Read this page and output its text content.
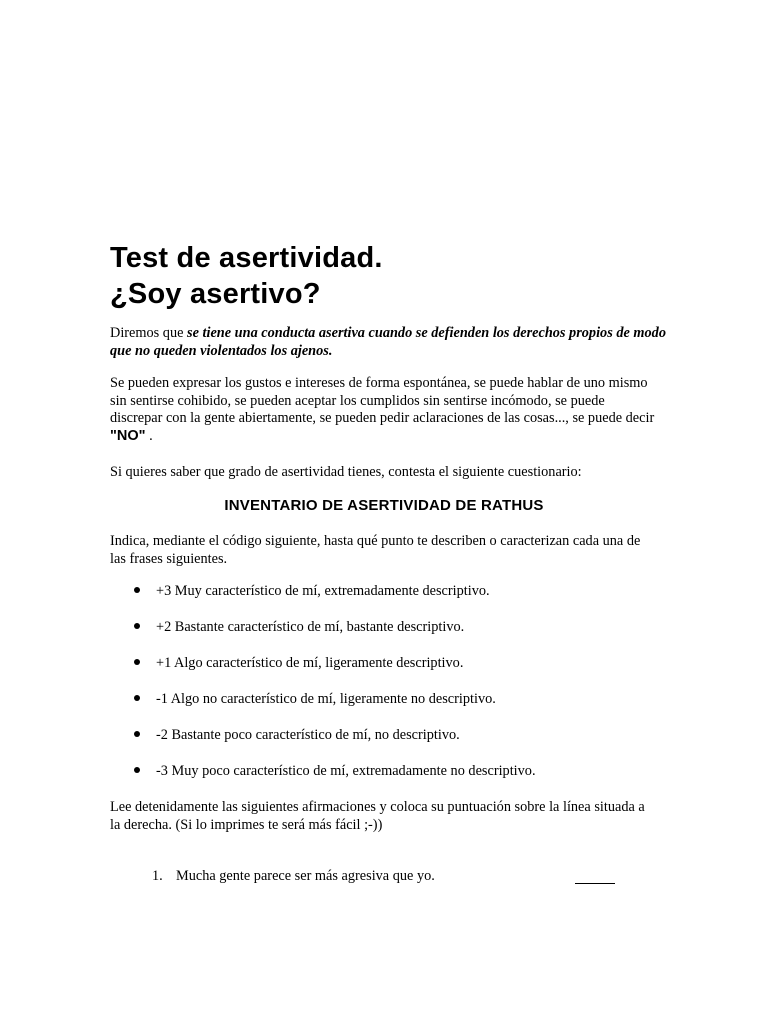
Test de asertividad.
¿Soy asertivo?

Diremos que se tiene una conducta asertiva cuando se defienden los derechos propios de modo que no queden violentados los ajenos.

Se pueden expresar los gustos e intereses de forma espontánea, se puede hablar de uno mismo sin sentirse cohibido, se pueden aceptar los cumplidos sin sentirse incómodo, se puede discrepar con la gente abiertamente, se pueden pedir aclaraciones de las cosas..., se puede decir "NO" .

Si quieres saber que grado de asertividad tienes, contesta el siguiente cuestionario:

INVENTARIO DE ASERTIVIDAD DE RATHUS

Indica, mediante el código siguiente, hasta qué punto te describen o caracterizan cada una de las frases siguientes.

+3 Muy característico de mí, extremadamente descriptivo.
+2 Bastante característico de mí, bastante descriptivo.
+1 Algo característico de mí, ligeramente descriptivo.
-1 Algo no característico de mí, ligeramente no descriptivo.
-2 Bastante poco característico de mí, no descriptivo.
-3 Muy poco característico de mí, extremadamente no descriptivo.

Lee detenidamente las siguientes afirmaciones y coloca su puntuación sobre la línea situada a la derecha. (Si lo imprimes te será más fácil ;-))

1. Mucha gente parece ser más agresiva que yo.
